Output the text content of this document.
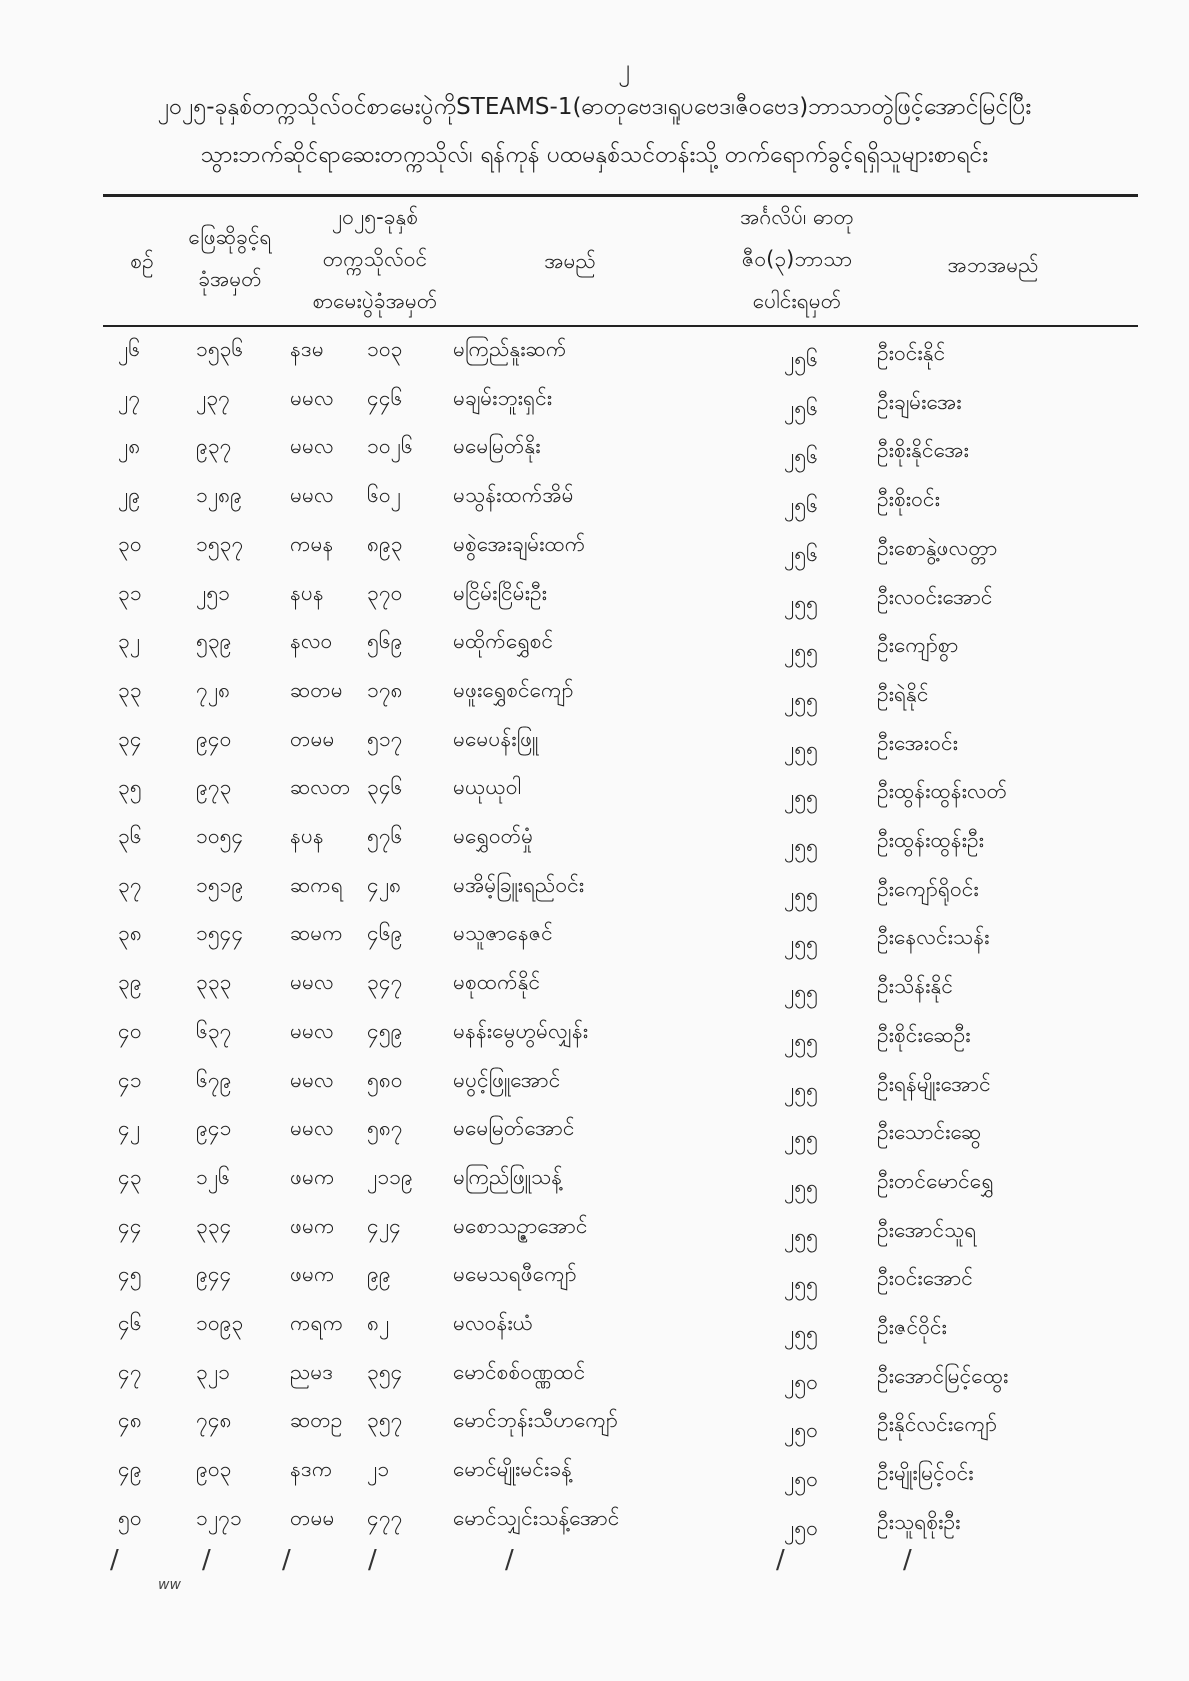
၂
၂၀၂၅-ခုနှစ်တက္ကသိုလ်ဝင်စာမေးပွဲကိုSTEAMS-1(ဓာတုဗေဒ၊ရူပဗေဒ၊ဇီဝဗေဒ)ဘာသာတွဲဖြင့်အောင်မြင်ပြီး
သွားဘက်ဆိုင်ရာဆေးတက္ကသိုလ်၊ ရန်ကုန် ပထမနှစ်သင်တန်းသို့ တက်ရောက်ခွင့်ရရှိသူများစာရင်း
စဉ်
ဖြေဆိုခွင့်ရ
ခုံအမှတ်
၂၀၂၅-ခုနှစ်
တက္ကသိုလ်ဝင်
စာမေးပွဲခုံအမှတ်
အမည်
အင်္ဂလိပ်၊ ဓာတု
ဇီဝ(၃)ဘာသာ
ပေါင်းရမှတ်
အဘအမည်
၂၆	၁၅၃၆ နဒမ ၁၀၃ မကြည်နူးဆက်	၂၅၆	ဦးဝင်းနိုင်
၂၇	၂၃၇	မမလ ၄၄၆ မချမ်းဘူးရှင်း	၂၅၆	ဦးချမ်းအေး
၂၈	၉၃၇	မမလ ၁၀၂၆ မမေမြတ်နိုး	၂၅၆	ဦးစိုးနိုင်အေး
၂၉	၁၂၈၉ မမလ ၆၀၂ မသွန်းထက်အိမ်	၂၅၆	ဦးစိုးဝင်း
၃၀	၁၅၃၇ ကမန ၈၉၃ မစွဲအေးချမ်းထက်	၂၅၆	ဦးစောနွဲ့ဖလတ္တာ
၃၁	၂၅၁	နပန ၃၇၀ မငြိမ်းငြိမ်းဦး	၂၅၅	ဦးလဝင်းအောင်
၃၂	၅၃၉	နလဝ ၅၆၉ မထိုက်ရွှေစင်	၂၅၅	ဦးကျော်စွာ
၃၃	၇၂၈	ဆတမ ၁၇၈ မဖူးရွှေစင်ကျော်	၂၅၅	ဦးရဲနိုင်
၃၄	၉၄၀	တမမ ၅၁၇ မမေပန်းဖြူ	၂၅၅	ဦးအေးဝင်း
၃၅	၉၇၃	ဆလတ ၃၄၆ မယုယုဝါ	၂၅၅	ဦးထွန်းထွန်းလတ်
၃၆	၁၀၅၄ နပန ၅၇၆ မရွှေဝတ်မှုံ	၂၅၅	ဦးထွန်းထွန်းဦး
၃၇	၁၅၁၉ ဆကရ ၄၂၈ မအိမ့်ခြူးရည်ဝင်း	၂၅၅	ဦးကျော်ရိုဝင်း
၃၈	၁၅၄၄ ဆမက ၄၆၉ မသူဇာနေဇင်	၂၅၅	ဦးနေလင်းသန်း
၃၉	၃၃၃	မမလ ၃၄၇ မစုထက်နိုင်	၂၅၅	ဦးသိန်းနိုင်
၄၀	၆၃၇	မမလ ၄၅၉ မနန်းမွေဟွမ်လျှန်း	၂၅၅	ဦးစိုင်းဆေဦး
၄၁	၆၇၉	မမလ ၅၈၀ မပွင့်ဖြူအောင်	၂၅၅	ဦးရန်မျိုးအောင်
၄၂	၉၄၁	မမလ ၅၈၇ မမေမြတ်အောင်	၂၅၅	ဦးသောင်းဆွေ
၄၃	၁၂၆	ဖမက ၂၁၁၉ မကြည်ဖြူသန့်	၂၅၅	ဦးတင်မောင်ရွှေ
၄၄	၃၃၄	ဖမက ၄၂၄ မစောသဉ္ဇာအောင်	၂၅၅	ဦးအောင်သူရ
၄၅	၉၄၄	ဖမက ၉၉	မမေသရဖီကျော်	၂၅၅	ဦးဝင်းအောင်
၄၆	၁၀၉၃ ကရက ၈၂	မလဝန်းယံ	၂၅၅	ဦးဇင်ဝိုင်း
၄၇	၃၂၁	ညမဒ ၃၅၄ မောင်စစ်ဝဏ္ဏထင်	၂၅၀	ဦးအောင်မြင့်ထွေး
၄၈	၇၄၈	ဆတဥ ၃၅၇ မောင်ဘုန်းသီဟကျော်	၂၅၀	ဦးနိုင်လင်းကျော်
၄၉	၉၀၃	နဒက ၂၁	မောင်မျိုးမင်းခန့်	၂၅၀	ဦးမျိုးမြင့်ဝင်း
၅၀	၁၂၇၁ တမမ ၄၇၇ မောင်သျှင်းသန့်အောင်	၂၅၀	ဦးသူရစိုးဦး
/
ww
/	/	/	/	/	/
